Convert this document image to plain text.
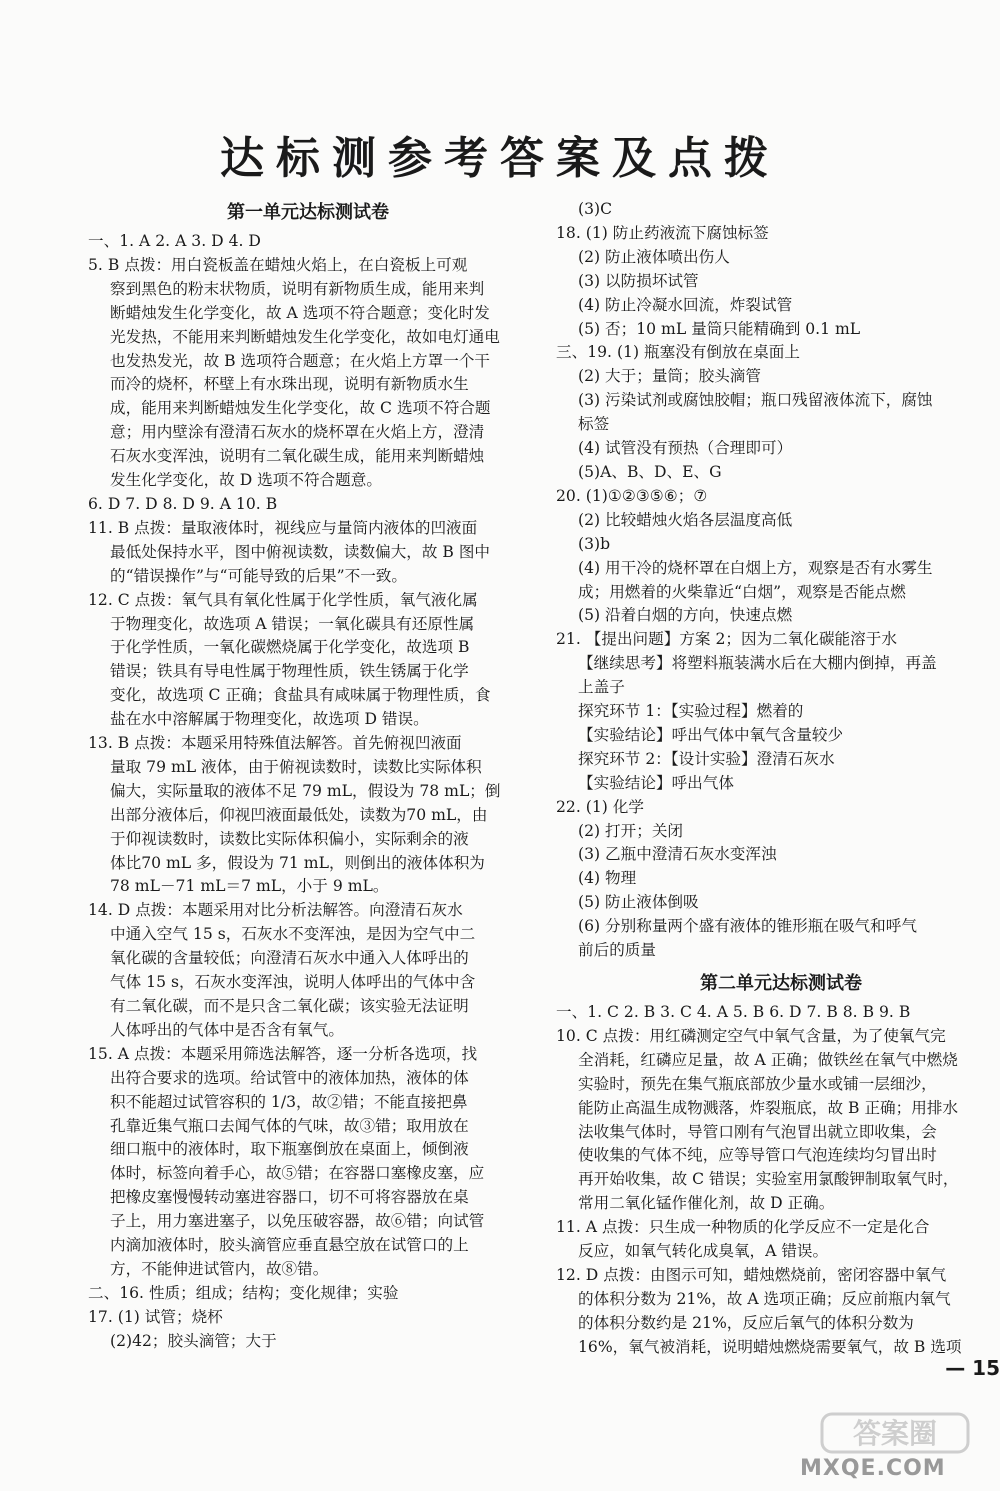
达标测参考答案及点拨
第一单元达标测试卷
一、1. A 2. A 3. D 4. D
5. B 点拨：用白瓷板盖在蜡烛火焰上，在白瓷板上可观
察到黑色的粉末状物质，说明有新物质生成，能用来判
断蜡烛发生化学变化，故 A 选项不符合题意；变化时发
光发热，不能用来判断蜡烛发生化学变化，故如电灯通电
也发热发光，故 B 选项符合题意；在火焰上方罩一个干
而冷的烧杯，杯壁上有水珠出现，说明有新物质水生
成，能用来判断蜡烛发生化学变化，故 C 选项不符合题
意；用内壁涂有澄清石灰水的烧杯罩在火焰上方，澄清
石灰水变浑浊，说明有二氧化碳生成，能用来判断蜡烛
发生化学变化，故 D 选项不符合题意。
6. D 7. D 8. D 9. A 10. B
11. B 点拨：量取液体时，视线应与量筒内液体的凹液面
最低处保持水平，图中俯视读数，读数偏大，故 B 图中
的“错误操作”与“可能导致的后果”不一致。
12. C 点拨：氧气具有氧化性属于化学性质，氧气液化属
于物理变化，故选项 A 错误；一氧化碳具有还原性属
于化学性质，一氧化碳燃烧属于化学变化，故选项 B
错误；铁具有导电性属于物理性质，铁生锈属于化学
变化，故选项 C 正确；食盐具有咸味属于物理性质，食
盐在水中溶解属于物理变化，故选项 D 错误。
13. B 点拨：本题采用特殊值法解答。首先俯视凹液面
量取 79 mL 液体，由于俯视读数时，读数比实际体积
偏大，实际量取的液体不足 79 mL，假设为 78 mL；倒
出部分液体后，仰视凹液面最低处，读数为70 mL，由
于仰视读数时，读数比实际体积偏小，实际剩余的液
体比70 mL 多，假设为 71 mL，则倒出的液体体积为
78 mL－71 mL＝7 mL，小于 9 mL。
14. D 点拨：本题采用对比分析法解答。向澄清石灰水
中通入空气 15 s，石灰水不变浑浊，是因为空气中二
氧化碳的含量较低；向澄清石灰水中通入人体呼出的
气体 15 s，石灰水变浑浊，说明人体呼出的气体中含
有二氧化碳，而不是只含二氧化碳；该实验无法证明
人体呼出的气体中是否含有氧气。
15. A 点拨：本题采用筛选法解答，逐一分析各选项，找
出符合要求的选项。给试管中的液体加热，液体的体
积不能超过试管容积的 1/3，故②错；不能直接把鼻
孔靠近集气瓶口去闻气体的气味，故③错；取用放在
细口瓶中的液体时，取下瓶塞倒放在桌面上，倾倒液
体时，标签向着手心，故⑤错；在容器口塞橡皮塞，应
把橡皮塞慢慢转动塞进容器口，切不可将容器放在桌
子上，用力塞进塞子，以免压破容器，故⑥错；向试管
内滴加液体时，胶头滴管应垂直悬空放在试管口的上
方，不能伸进试管内，故⑧错。
二、16. 性质；组成；结构；变化规律；实验
17. (1) 试管；烧杯
(2)42；胶头滴管；大于
(3)C
18. (1) 防止药液流下腐蚀标签
(2) 防止液体喷出伤人
(3) 以防损坏试管
(4) 防止冷凝水回流，炸裂试管
(5) 否；10 mL 量筒只能精确到 0.1 mL
三、19. (1) 瓶塞没有倒放在桌面上
(2) 大于；量筒；胶头滴管
(3) 污染试剂或腐蚀胶帽；瓶口残留液体流下，腐蚀
标签
(4) 试管没有预热（合理即可）
(5)A、B、D、E、G
20. (1)①②③⑤⑥；⑦
(2) 比较蜡烛火焰各层温度高低
(3)b
(4) 用干冷的烧杯罩在白烟上方，观察是否有水雾生
成；用燃着的火柴靠近“白烟”，观察是否能点燃
(5) 沿着白烟的方向，快速点燃
21. 【提出问题】方案 2；因为二氧化碳能溶于水
【继续思考】将塑料瓶装满水后在大棚内倒掉，再盖
上盖子
探究环节 1：【实验过程】燃着的
【实验结论】呼出气体中氧气含量较少
探究环节 2：【设计实验】澄清石灰水
【实验结论】呼出气体
22. (1) 化学
(2) 打开；关闭
(3) 乙瓶中澄清石灰水变浑浊
(4) 物理
(5) 防止液体倒吸
(6) 分别称量两个盛有液体的锥形瓶在吸气和呼气
前后的质量
第二单元达标测试卷
一、1. C 2. B 3. C 4. A 5. B 6. D 7. B 8. B 9. B
10. C 点拨：用红磷测定空气中氧气含量，为了使氧气完
全消耗，红磷应足量，故 A 正确；做铁丝在氧气中燃烧
实验时，预先在集气瓶底部放少量水或铺一层细沙，
能防止高温生成物溅落，炸裂瓶底，故 B 正确；用排水
法收集气体时，导管口刚有气泡冒出就立即收集，会
使收集的气体不纯，应等导管口气泡连续均匀冒出时
再开始收集，故 C 错误；实验室用氯酸钾制取氧气时，
常用二氧化锰作催化剂，故 D 正确。
11. A 点拨：只生成一种物质的化学反应不一定是化合
反应，如氧气转化成臭氧，A 错误。
12. D 点拨：由图示可知，蜡烛燃烧前，密闭容器中氧气
的体积分数为 21%，故 A 选项正确；反应前瓶内氧气
的体积分数约是 21%，反应后氧气的体积分数为
16%，氧气被消耗，说明蜡烛燃烧需要氧气，故 B 选项
— 15
答案圈
MXQE.COM
